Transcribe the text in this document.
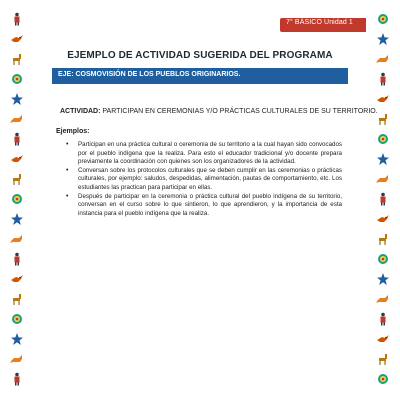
7° BÁSICO Unidad 1
EJEMPLO DE ACTIVIDAD SUGERIDA DEL PROGRAMA
EJE: COSMOVISIÓN DE LOS PUEBLOS ORIGINARIOS.
ACTIVIDAD: PARTICIPAN EN CEREMONIAS Y/O PRÁCTICAS CULTURALES DE SU TERRITORIO.
Ejemplos:
• Participan en una práctica cultural o ceremonia de su territorio a la cual hayan sido convocados por el pueblo indígena que la realiza. Para esto el educador tradicional y/o docente prepara previamente la coordinación con quienes son los organizadores de la actividad.
• Conversan sobre los protocolos culturales que se deben cumplir en las ceremonias o prácticas culturales, por ejemplo: saludos, despedidas, alimentación, pautas de comportamiento, etc. Los estudiantes las practican para participar en ellas.
• Después de participar en la ceremonia o práctica cultural del pueblo indígena de su territorio, conversan en el curso sobre lo que sintieron, lo que aprendieron, y la importancia de esta instancia para el pueblo indígena que la realiza.
